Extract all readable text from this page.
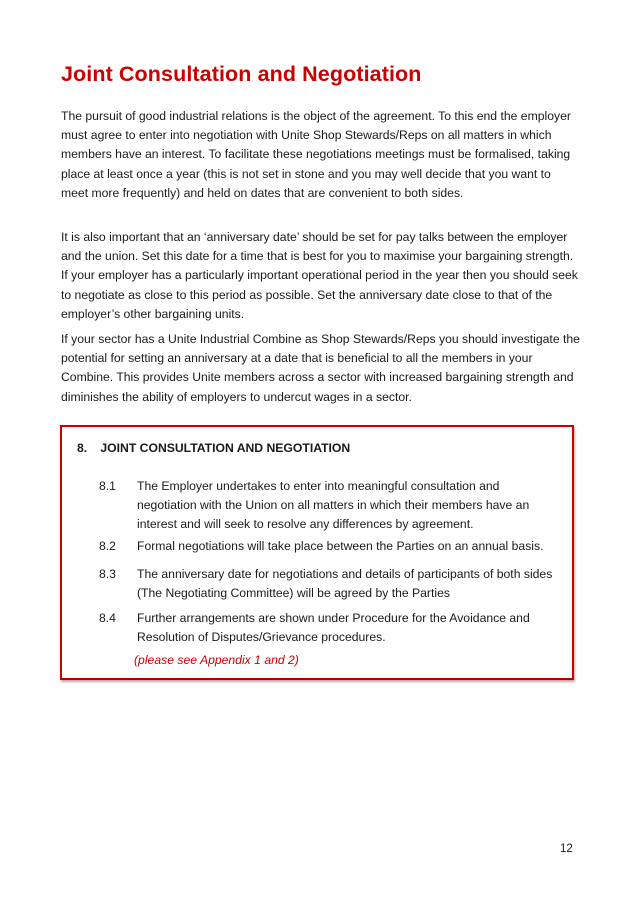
Joint Consultation and Negotiation

The pursuit of good industrial relations is the object of the agreement. To this end the employer must agree to enter into negotiation with Unite Shop Stewards/Reps on all matters in which members have an interest. To facilitate these negotiations meetings must be formalised, taking place at least once a year (this is not set in stone and you may well decide that you want to meet more frequently) and held on dates that are convenient to both sides.

It is also important that an ‘anniversary date’ should be set for pay talks between the employer and the union. Set this date for a time that is best for you to maximise your bargaining strength. If your employer has a particularly important operational period in the year then you should seek to negotiate as close to this period as possible. Set the anniversary date close to that of the employer’s other bargaining units.

If your sector has a Unite Industrial Combine as Shop Stewards/Reps you should investigate the potential for setting an anniversary at a date that is beneficial to all the members in your Combine. This provides Unite members across a sector with increased bargaining strength and diminishes the ability of employers to undercut wages in a sector.

8. JOINT CONSULTATION AND NEGOTIATION
8.1 The Employer undertakes to enter into meaningful consultation and negotiation with the Union on all matters in which their members have an interest and will seek to resolve any differences by agreement.
8.2 Formal negotiations will take place between the Parties on an annual basis.
8.3 The anniversary date for negotiations and details of participants of both sides (The Negotiating Committee) will be agreed by the Parties
8.4 Further arrangements are shown under Procedure for the Avoidance and Resolution of Disputes/Grievance procedures.
(please see Appendix 1 and 2)
12
